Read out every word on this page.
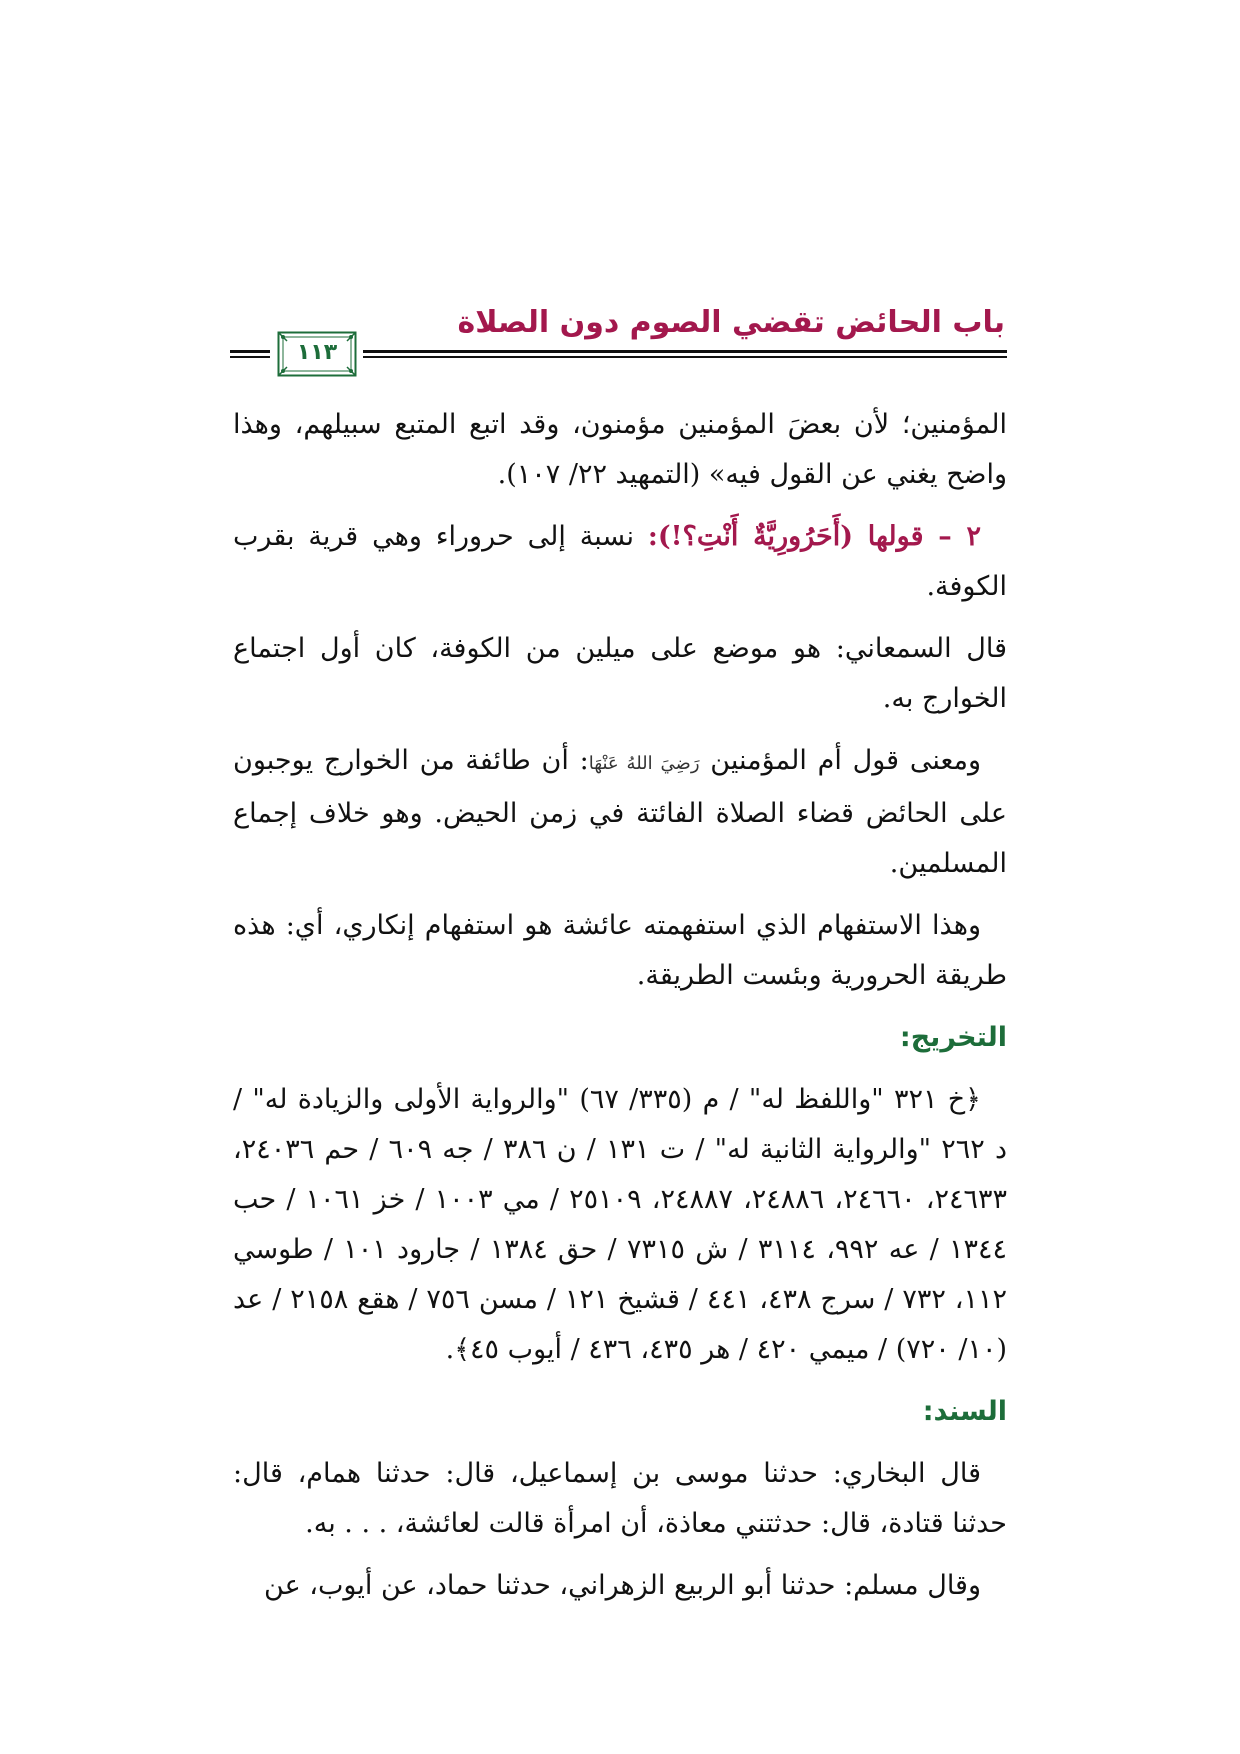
باب الحائض تقضي الصوم دون الصلاة
١١٣

المؤمنين؛ لأن بعضَ المؤمنين مؤمنون، وقد اتبع المتبع سبيلهم، وهذا واضح يغني عن القول فيه» (التمهيد ٢٢/ ١٠٧).

٢ – قولها (أَحَرُورِيَّةٌ أَنْتِ؟!): نسبة إلى حروراء وهي قرية بقرب الكوفة.

قال السمعاني: هو موضع على ميلين من الكوفة، كان أول اجتماع الخوارج به.

ومعنى قول أم المؤمنين رَضِيَ اللهُ عَنْهَا: أن طائفة من الخوارج يوجبون على الحائض قضاء الصلاة الفائتة في زمن الحيض. وهو خلاف إجماع المسلمين.

وهذا الاستفهام الذي استفهمته عائشة هو استفهام إنكاري، أي: هذه طريقة الحرورية وبئست الطريقة.

التخريج:

﴿خ ٣٢١ "واللفظ له" / م (٣٣٥/ ٦٧) "والرواية الأولى والزيادة له" / د ٢٦٢ "والرواية الثانية له" / ت ١٣١ / ن ٣٨٦ / جه ٦٠٩ / حم ٢٤٠٣٦، ٢٤٦٣٣، ٢٤٦٦٠، ٢٤٨٨٦، ٢٤٨٨٧، ٢٥١٠٩ / مي ١٠٠٣ / خز ١٠٦١ / حب ١٣٤٤ / عه ٩٩٢، ٣١١٤ / ش ٧٣١٥ / حق ١٣٨٤ / جارود ١٠١ / طوسي ١١٢، ٧٣٢ / سرج ٤٣٨، ٤٤١ / قشيخ ١٢١ / مسن ٧٥٦ / هقع ٢١٥٨ / عد (١٠/ ٧٢٠) / ميمي ٤٢٠ / هر ٤٣٥، ٤٣٦ / أيوب ٤٥﴾.

السند:

قال البخاري: حدثنا موسى بن إسماعيل، قال: حدثنا همام، قال: حدثنا قتادة، قال: حدثتني معاذة، أن امرأة قالت لعائشة، . . . به.

وقال مسلم: حدثنا أبو الربيع الزهراني، حدثنا حماد، عن أيوب، عن
